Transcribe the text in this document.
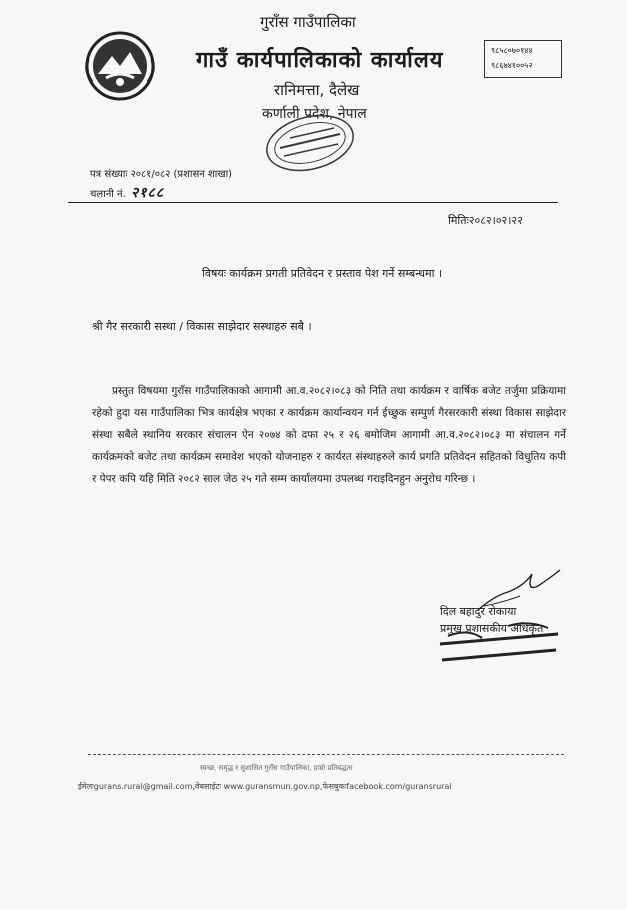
गुराँस गाउँपालिका
गाउँ कार्यपालिकाको कार्यालय
रानिमत्ता, दैलेख
कर्णाली प्रदेश, नेपाल
९८५८०७०१४४
९८६७४१००५२
पत्र संख्याः २०८१/०८२ (प्रशासन शाखा)
चलानी नं. २१८८
मितिः२०८२।०२।२२
विषयः कार्यक्रम प्रगती प्रतिवेदन र प्रस्ताव पेश गर्ने सम्बन्धमा ।
श्री गैर सरकारी सस्था / विकास साझेदार सस्थाहरु सबै ।
प्रस्तुत विषयमा गुराँस गाउँपालिकाको आगामी आ.व.२०८२।०८३ को निति तथा कार्यक्रम र वार्षिक बजेट तर्जुमा प्रक्रियामा रहेको हुदा यस गाउँपालिका भित्र कार्यक्षेत्र भएका र कार्यक्रम कार्यान्वयन गर्न ईच्छुक सम्पुर्ण गैरसरकारी संस्था विकास साझेदार संस्था सबैले स्थानिय सरकार संचालन ऐन २०७४ को दफा २५ र २६ बमोजिम आगामी आ.व.२०८२।०८३ मा संचालन गर्ने कार्यक्रमको बजेट तथा कार्यक्रम समावेश भएको योजनाहरु र कार्यरत संस्थाहरुले कार्य प्रगति प्रतिवेदन सहितको विधुतिय कपी र पेपर कपि यहि मिति २०८२ साल जेठ २५ गते सम्म कार्यालयमा उपलब्ध गराइदिनहुन अनुरोध गरिन्छ ।
दिल बहादुर रोकाया
प्रमुख प्रशासकीय अधिकृत
स्वच्छ, समृद्ध र सुशासित गुराँस गाउँपालिका, हाम्रो प्रतिबद्धता
ईमेलःgurans.rural@gmail.com,वेबसाईटः www.guransmun.gov.np,फेसबुकःfacebook.com/guransrural
